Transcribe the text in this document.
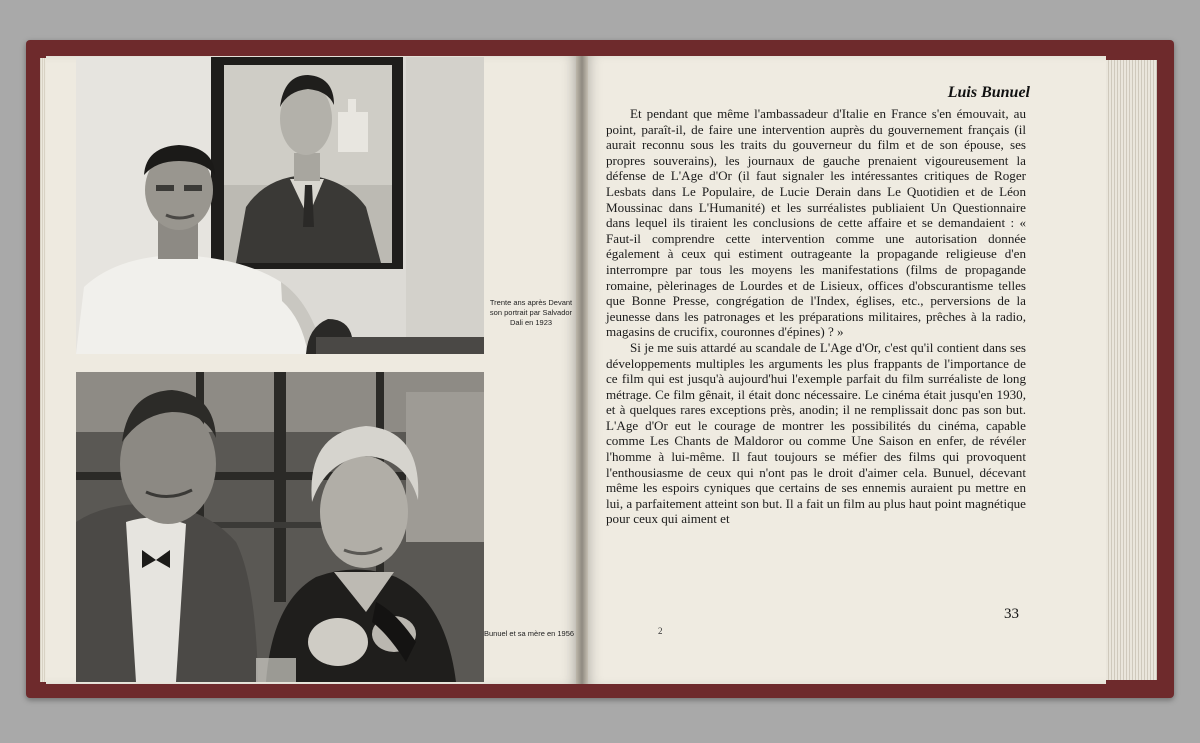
Trente ans après Devant son portrait par Salvador Dali en 1923
Bunuel et sa mère en 1956	2
Luis Bunuel

Et pendant que même l'ambassadeur d'Italie en France s'en émouvait, au point, paraît-il, de faire une intervention auprès du gouvernement français (il aurait reconnu sous les traits du gouverneur du film et de son épouse, ses propres souverains), les journaux de gauche prenaient vigoureusement la défense de L'Age d'Or (il faut signaler les intéressantes critiques de Roger Lesbats dans Le Populaire, de Lucie Derain dans Le Quotidien et de Léon Moussinac dans L'Humanité) et les surréalistes publiaient Un Questionnaire dans lequel ils tiraient les conclusions de cette affaire et se demandaient : « Faut-il comprendre cette intervention comme une autorisation donnée également à ceux qui estiment outrageante la propagande religieuse d'en interrompre par tous les moyens les manifestations (films de propagande romaine, pèlerinages de Lourdes et de Lisieux, offices d'obscurantisme telles que Bonne Presse, congrégation de l'Index, églises, etc., perversions de la jeunesse dans les patronages et les préparations militaires, prêches à la radio, magasins de crucifix, couronnes d'épines) ? »

Si je me suis attardé au scandale de L'Age d'Or, c'est qu'il contient dans ses développements multiples les arguments les plus frappants de l'importance de ce film qui est jusqu'à aujourd'hui l'exemple parfait du film surréaliste de long métrage. Ce film gênait, il était donc nécessaire. Le cinéma était jusqu'en 1930, et à quelques rares exceptions près, anodin; il ne remplissait donc pas son but. L'Age d'Or eut le courage de montrer les possibilités du cinéma, capable comme Les Chants de Maldoror ou comme Une Saison en enfer, de révéler l'homme à lui-même. Il faut toujours se méfier des films qui provoquent l'enthousiasme de ceux qui n'ont pas le droit d'aimer cela. Bunuel, décevant même les espoirs cyniques que certains de ses ennemis auraient pu mettre en lui, a parfaitement atteint son but. Il a fait un film au plus haut point magnétique pour ceux qui aiment et

33
